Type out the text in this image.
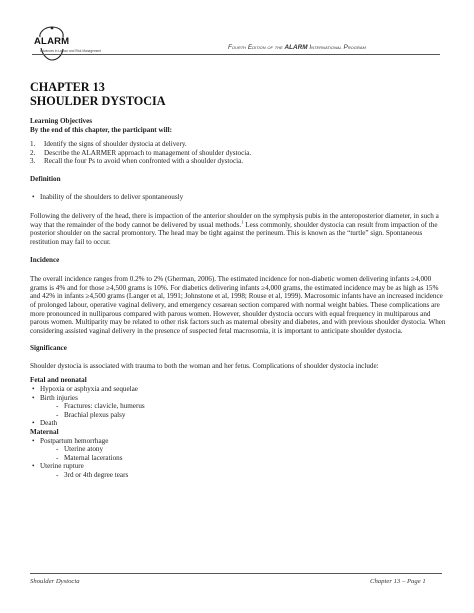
ALARM
Advances in Labour and Risk Management	Fourth Edition of the ALARM International Program
CHAPTER 13
SHOULDER DYSTOCIA

Learning Objectives

By the end of this chapter, the participant will:

1.	Identify the signs of shoulder dystocia at delivery.
2.	Describe the ALARMER approach to management of shoulder dystocia.
3.	Recall the four Ps to avoid when confronted with a shoulder dystocia.

Definition

• Inability of the shoulders to deliver spontaneously

Following the delivery of the head, there is impaction of the anterior shoulder on the symphysis pubis in the anteroposterior diameter, in such a way that the remainder of the body cannot be delivered by usual methods.$^1$ Less commonly, shoulder dystocia can result from impaction of the posterior shoulder on the sacral promontory. The head may be tight against the perineum. This is known as the “turtle” sign. Spontaneous restitution may fail to occur.

Incidence

The overall incidence ranges from 0.2% to 2% (Gherman, 2006). The estimated incidence for non-diabetic women delivering infants ≥4,000 grams is 4% and for those ≥4,500 grams is 10%. For diabetics delivering infants ≥4,000 grams, the estimated incidence may be as high as 15% and 42% in infants ≥4,500 grams (Langer et al, 1991; Johnstone et al, 1998; Rouse et al, 1999). Macrosomic infants have an increased incidence of prolonged labour, operative vaginal delivery, and emergency cesarean section compared with normal weight babies. These complications are more pronounced in nulliparous compared with parous women. However, shoulder dystocia occurs with equal frequency in multiparous and parous women. Multiparity may be related to other risk factors such as maternal obesity and diabetes, and with previous shoulder dystocia. When considering assisted vaginal delivery in the presence of suspected fetal macrosomia, it is important to anticipate shoulder dystocia.

Significance

Shoulder dystocia is associated with trauma to both the woman and her fetus. Complications of shoulder dystocia include:

Fetal and neonatal

• Hypoxia or asphyxia and sequelae
• Birth injuries
- Fractures: clavicle, humerus
- Brachial plexus palsy
• Death

Maternal

• Postpartum hemorrhage
- Uterine atony
- Maternal lacerations
• Uterine rupture
- 3rd or 4th degree tears
Shoulder Dystocia	Chapter 13 – Page 1
